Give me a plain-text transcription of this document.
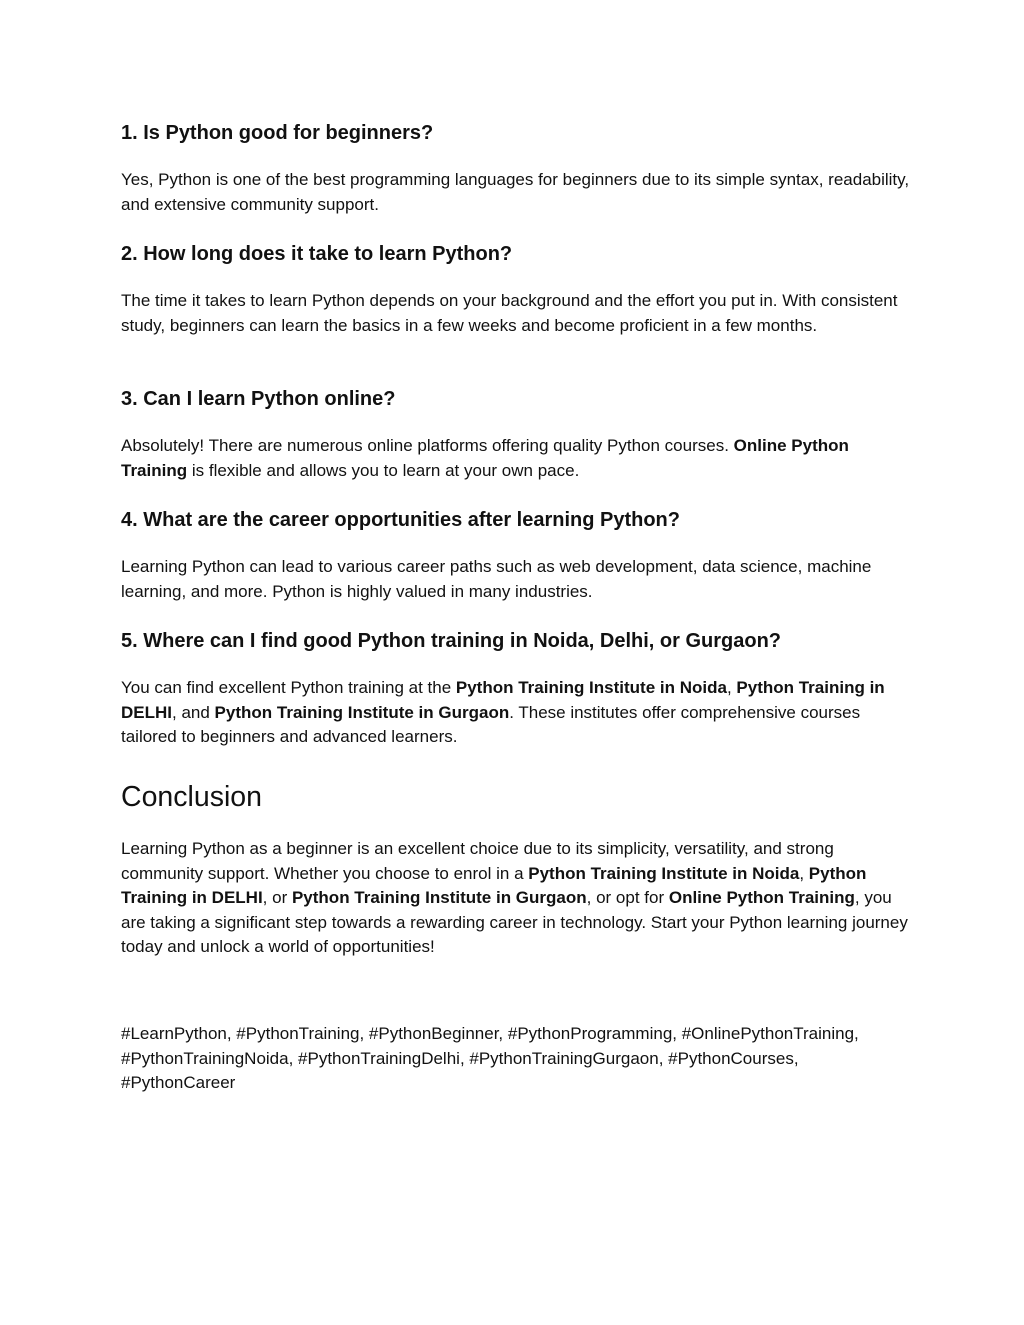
1. Is Python good for beginners?

Yes, Python is one of the best programming languages for beginners due to its simple syntax, readability, and extensive community support.

2. How long does it take to learn Python?

The time it takes to learn Python depends on your background and the effort you put in. With consistent study, beginners can learn the basics in a few weeks and become proficient in a few months.

3. Can I learn Python online?

Absolutely! There are numerous online platforms offering quality Python courses. Online Python Training is flexible and allows you to learn at your own pace.

4. What are the career opportunities after learning Python?

Learning Python can lead to various career paths such as web development, data science, machine learning, and more. Python is highly valued in many industries.

5. Where can I find good Python training in Noida, Delhi, or Gurgaon?

You can find excellent Python training at the Python Training Institute in Noida, Python Training in DELHI, and Python Training Institute in Gurgaon. These institutes offer comprehensive courses tailored to beginners and advanced learners.

Conclusion

Learning Python as a beginner is an excellent choice due to its simplicity, versatility, and strong community support. Whether you choose to enrol in a Python Training Institute in Noida, Python Training in DELHI, or Python Training Institute in Gurgaon, or opt for Online Python Training, you are taking a significant step towards a rewarding career in technology. Start your Python learning journey today and unlock a world of opportunities!

#LearnPython, #PythonTraining, #PythonBeginner, #PythonProgramming, #OnlinePythonTraining, #PythonTrainingNoida, #PythonTrainingDelhi, #PythonTrainingGurgaon, #PythonCourses, #PythonCareer
